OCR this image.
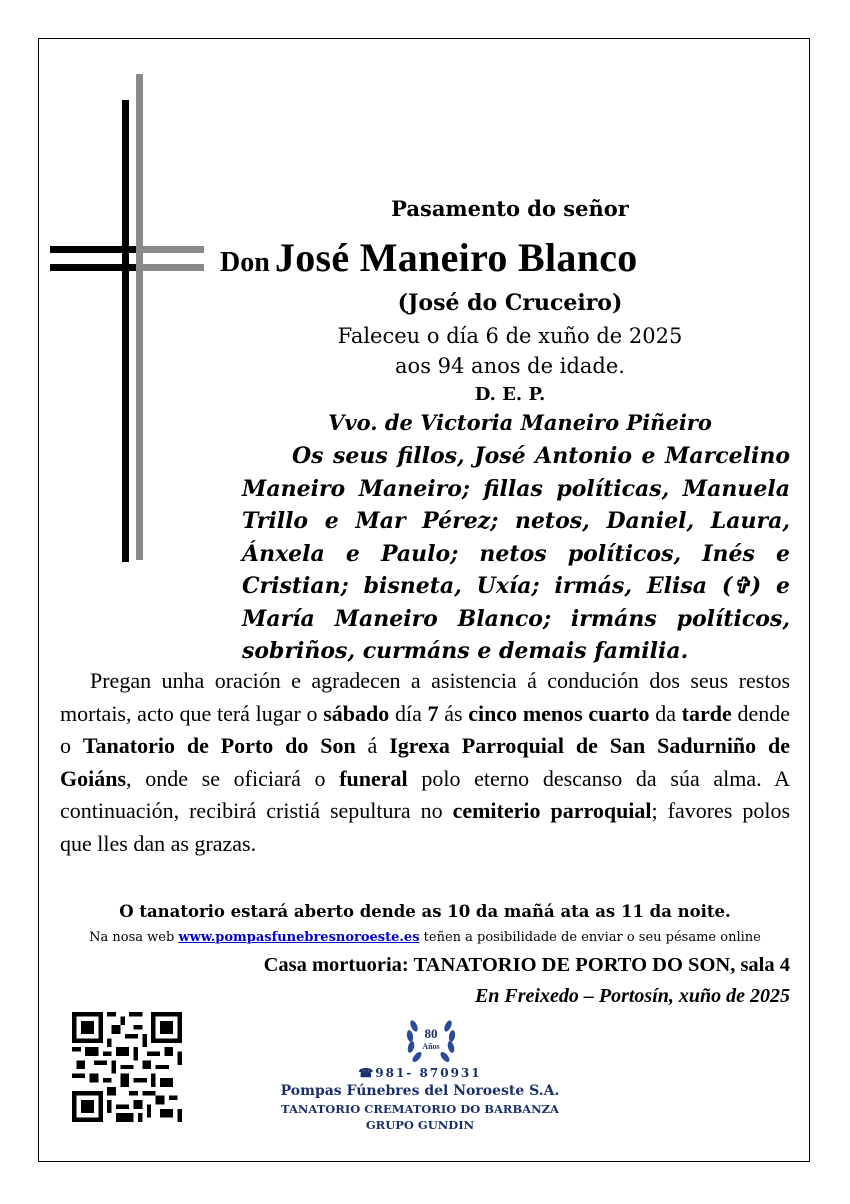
Pasamento do señor
Don José Maneiro Blanco
(José do Cruceiro)
Faleceu o día 6 de xuño de 2025
aos 94 anos de idade.
D. E. P.
Vvo. de Victoria Maneiro Piñeiro
Os seus fillos, José Antonio e Marcelino Maneiro Maneiro; fillas políticas, Manuela Trillo e Mar Pérez; netos, Daniel, Laura, Ánxela e Paulo; netos políticos, Inés e Cristian; bisneta, Uxía; irmás, Elisa (✞) e María Maneiro Blanco; irmáns políticos, sobriños, curmáns e demais familia.
Pregan unha oración e agradecen a asistencia á condución dos seus restos mortais, acto que terá lugar o sábado día 7 ás cinco menos cuarto da tarde dende o Tanatorio de Porto do Son á Igrexa Parroquial de San Sadurniño de Goiáns, onde se oficiará o funeral polo eterno descanso da súa alma. A continuación, recibirá cristiá sepultura no cemiterio parroquial; favores polos que lles dan as grazas.
O tanatorio estará aberto dende as 10 da mañá ata as 11 da noite.
Na nosa web www.pompasfunebresnoroeste.es teñen a posibilidade de enviar o seu pésame online
Casa mortuoria: TANATORIO DE PORTO DO SON, sala 4
En Freixedo – Portosín, xuño de 2025
80
Años
☎981- 870931
Pompas Fúnebres del Noroeste S.A.
TANATORIO CREMATORIO DO BARBANZA
GRUPO GUNDIN
